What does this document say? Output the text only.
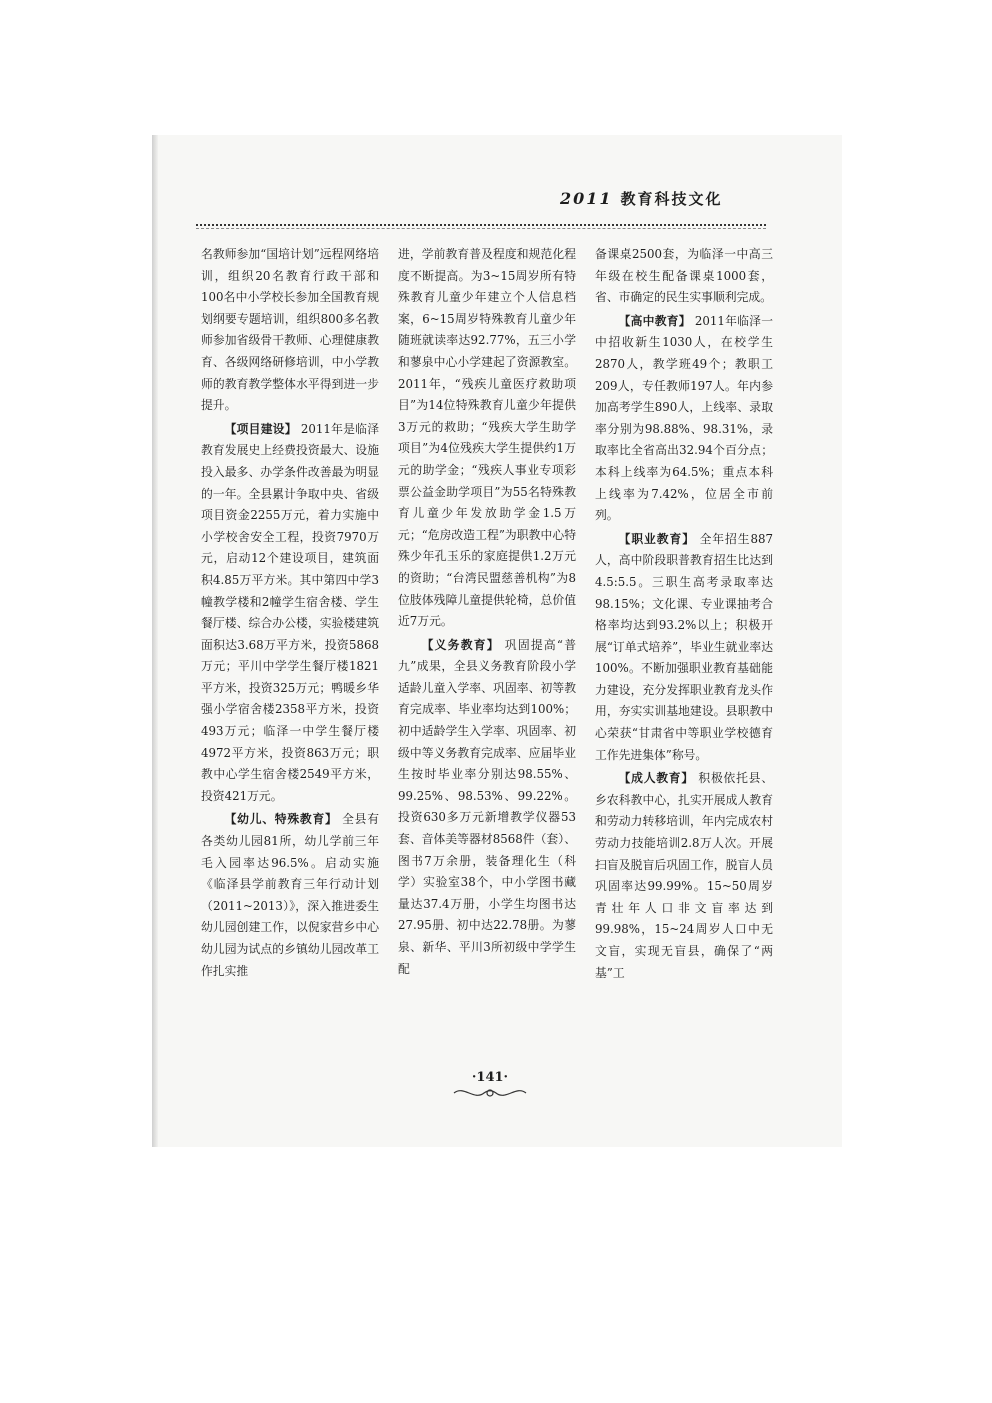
2011 教育科技文化

名教师参加“国培计划”远程网络培训，组织20名教育行政干部和100名中小学校长参加全国教育规划纲要专题培训，组织800多名教师参加省级骨干教师、心理健康教育、各级网络研修培训，中小学教师的教育教学整体水平得到进一步提升。

【项目建设】 2011年是临泽教育发展史上经费投资最大、设施投入最多、办学条件改善最为明显的一年。全县累计争取中央、省级项目资金2255万元，着力实施中小学校舍安全工程，投资7970万元，启动12个建设项目，建筑面积4.85万平方米。其中第四中学3幢教学楼和2幢学生宿舍楼、学生餐厅楼、综合办公楼，实验楼建筑面积达3.68万平方米，投资5868万元；平川中学学生餐厅楼1821平方米，投资325万元；鸭暖乡华强小学宿舍楼2358平方米，投资493万元；临泽一中学生餐厅楼4972平方米，投资863万元；职教中心学生宿舍楼2549平方米，投资421万元。

【幼儿、特殊教育】 全县有各类幼儿园81所，幼儿学前三年毛入园率达96.5%。启动实施《临泽县学前教育三年行动计划（2011~2013）》，深入推进委生幼儿园创建工作，以倪家营乡中心幼儿园为试点的乡镇幼儿园改革工作扎实推

进，学前教育普及程度和规范化程度不断提高。为3~15周岁所有特殊教育儿童少年建立个人信息档案，6~15周岁特殊教育儿童少年随班就读率达92.77%，五三小学和蓼泉中心小学建起了资源教室。2011年，“残疾儿童医疗救助项目”为14位特殊教育儿童少年提供3万元的救助；“残疾大学生助学项目”为4位残疾大学生提供约1万元的助学金；“残疾人事业专项彩票公益金助学项目”为55名特殊教育儿童少年发放助学金1.5万元；“危房改造工程”为职教中心特殊少年孔玉乐的家庭提供1.2万元的资助；“台湾民盟慈善机构”为8位肢体残障儿童提供轮椅，总价值近7万元。

【义务教育】 巩固提高“普九”成果，全县义务教育阶段小学适龄儿童入学率、巩固率、初等教育完成率、毕业率均达到100%；初中适龄学生入学率、巩固率、初级中等义务教育完成率、应届毕业生按时毕业率分别达98.55%、99.25%、98.53%、99.22%。投资630多万元新增教学仪器53套、音体美等器材8568件（套）、图书7万余册，装备理化生（科学）实验室38个，中小学图书藏量达37.4万册，小学生均图书达27.95册、初中达22.78册。为蓼泉、新华、平川3所初级中学学生配

备课桌2500套，为临泽一中高三年级在校生配备课桌1000套，省、市确定的民生实事顺利完成。

【高中教育】 2011年临泽一中招收新生1030人，在校学生2870人，教学班49个；教职工209人，专任教师197人。年内参加高考学生890人，上线率、录取率分别为98.88%、98.31%，录取率比全省高出32.94个百分点；本科上线率为64.5%；重点本科上线率为7.42%，位居全市前列。

【职业教育】 全年招生887人，高中阶段职普教育招生比达到4.5:5.5。三职生高考录取率达98.15%；文化课、专业课抽考合格率均达到93.2%以上；积极开展“订单式培养”，毕业生就业率达100%。不断加强职业教育基础能力建设，充分发挥职业教育龙头作用，夯实实训基地建设。县职教中心荣获“甘肃省中等职业学校德育工作先进集体”称号。

【成人教育】 积极依托县、乡农科教中心，扎实开展成人教育和劳动力转移培训，年内完成农村劳动力技能培训2.8万人次。开展扫盲及脱盲后巩固工作，脱盲人员巩固率达99.99%。15~50周岁青壮年人口非文盲率达到99.98%，15~24周岁人口中无文盲，实现无盲县，确保了“两基”工

·141·
